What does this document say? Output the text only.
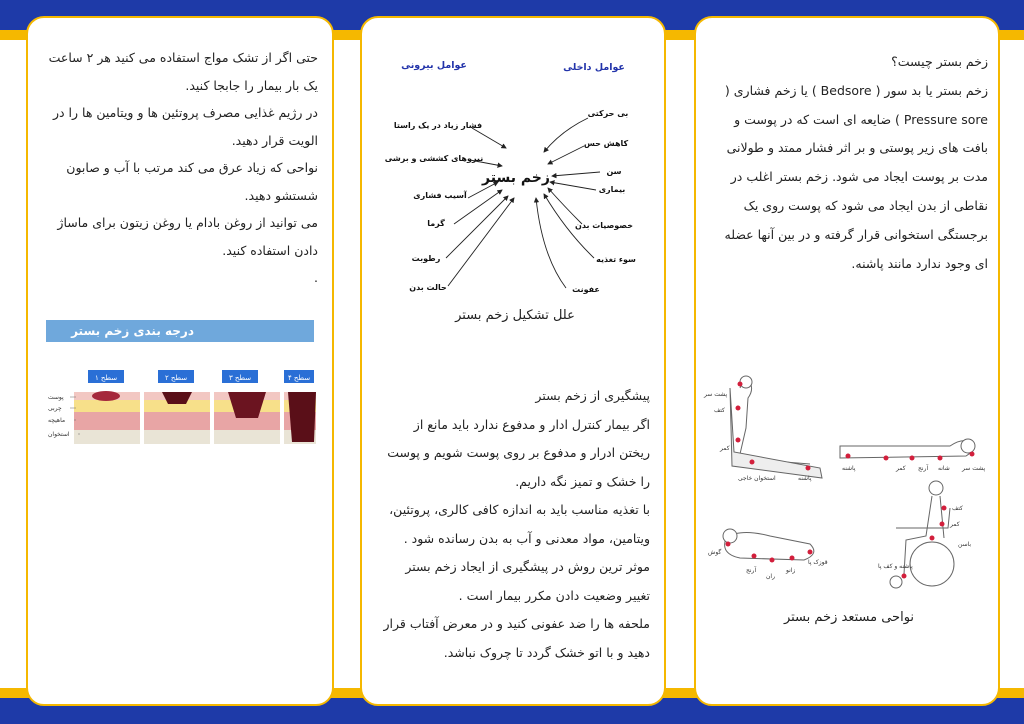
حتی اگر از تشک مواج استفاده می کنید هر ۲ ساعت یک بار بیمار را جابجا کنید.

در رژیم غذایی مصرف پروتئین ها و ویتامین ها را در الویت قرار دهید.

نواحی که زیاد عرق می کند مرتب با آب و صابون شستشو دهید.

می توانید از روغن بادام یا روغن زیتون برای ماساژ دادن استفاده کنید.

.

درجه بندی زخم بستر
سطح ۱	سطح ۲	سطح ۳	سطح ۴
پوست
چربی
ماهیچه
استخوان
عوامل بیرونی	عوامل داخلی
زخم بستر
فشار زیاد در یک راستا
نیروهای کششی و برشی
آسیب فشاری
گرما
رطوبت
حالت بدن
بی حرکتی
کاهش حس
سن
بیماری
خصوصیات بدن
سوء تغذیه
عفونت
علل تشکیل زخم بستر

پیشگیری از زخم بستر

اگر بیمار کنترل ادار و مدفوع ندارد باید مانع از ریختن ادرار و مدفوع بر روی پوست شویم و پوست را خشک و تمیز نگه داریم.

با تغذیه مناسب باید به اندازه کافی کالری، پروتئین، ویتامین، مواد معدنی و آب به بدن رسانده شود .

موثر ترین روش در پیشگیری از ایجاد زخم بستر تغییر وضعیت دادن مکرر بیمار است .

ملحفه ها را ضد عفونی کنید و در معرض آفتاب قرار دهید و با اتو خشک گردد تا چروک نباشد.

زخم بستر چیست؟

زخم بستر یا بد سور ( Bedsore ) یا زخم فشاری ( Pressure sore ) ضایعه ای است که در پوست و بافت های زیر پوستی و بر اثر فشار ممتد و طولانی مدت بر پوست ایجاد می شود. زخم بستر اغلب در نقاطی از بدن ایجاد می شود که پوست روی یک برجستگی استخوانی قرار گرفته و در بین آنها عضله ای وجود ندارد مانند پاشنه.

پشت سر
کتف
کمر
استخوان خاجی	پاشنه
پشت سر
شانه
آرنج
کمر
پاشنه
گوش
آرنج
ران
زانو
قوزک پا
کتف
کمر
باسن
پاشنه و کف پا
نواحی مستعد زخم بستر
